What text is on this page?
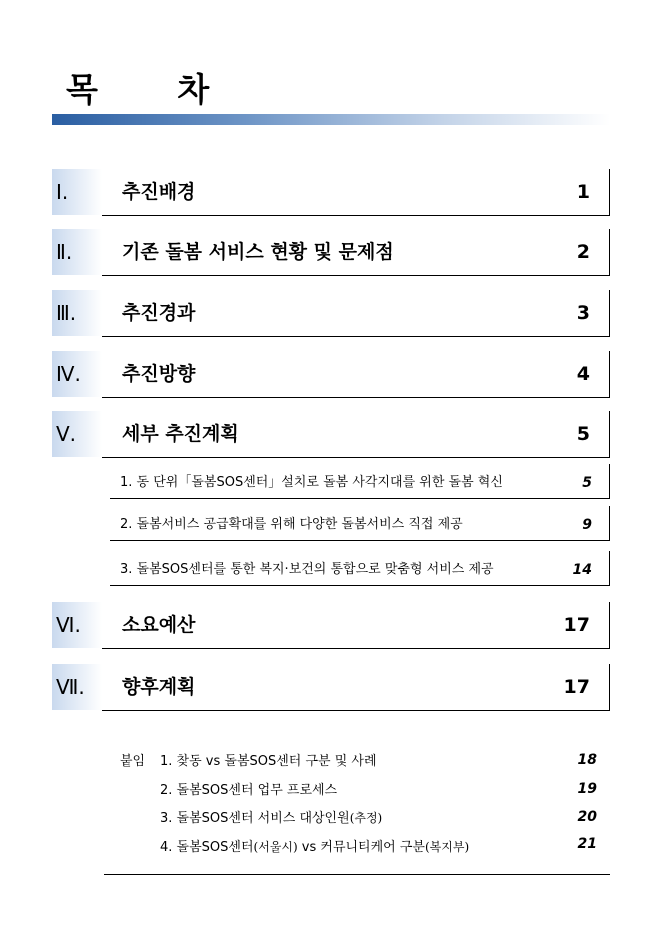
목 차
Ⅰ.	추진배경	1
Ⅱ.	기존 돌봄 서비스 현황 및 문제점	2
Ⅲ.	추진경과	3
Ⅳ.	추진방향	4
Ⅴ.	세부 추진계획	5
1. 동 단위「돌봄SOS센터」설치로 돌봄 사각지대를 위한 돌봄 혁신	5
2. 돌봄서비스 공급확대를 위해 다양한 돌봄서비스 직접 제공	9
3. 돌봄SOS센터를 통한 복지·보건의 통합으로 맞춤형 서비스 제공	14
Ⅵ.	소요예산	17
Ⅶ.	향후계획	17
붙임 1. 찾동 vs 돌봄SOS센터 구분 및 사례	18
2. 돌봄SOS센터 업무 프로세스	19
3. 돌봄SOS센터 서비스 대상인원(추정)	20
4. 돌봄SOS센터(서울시) vs 커뮤니티케어 구분(복지부)	21
